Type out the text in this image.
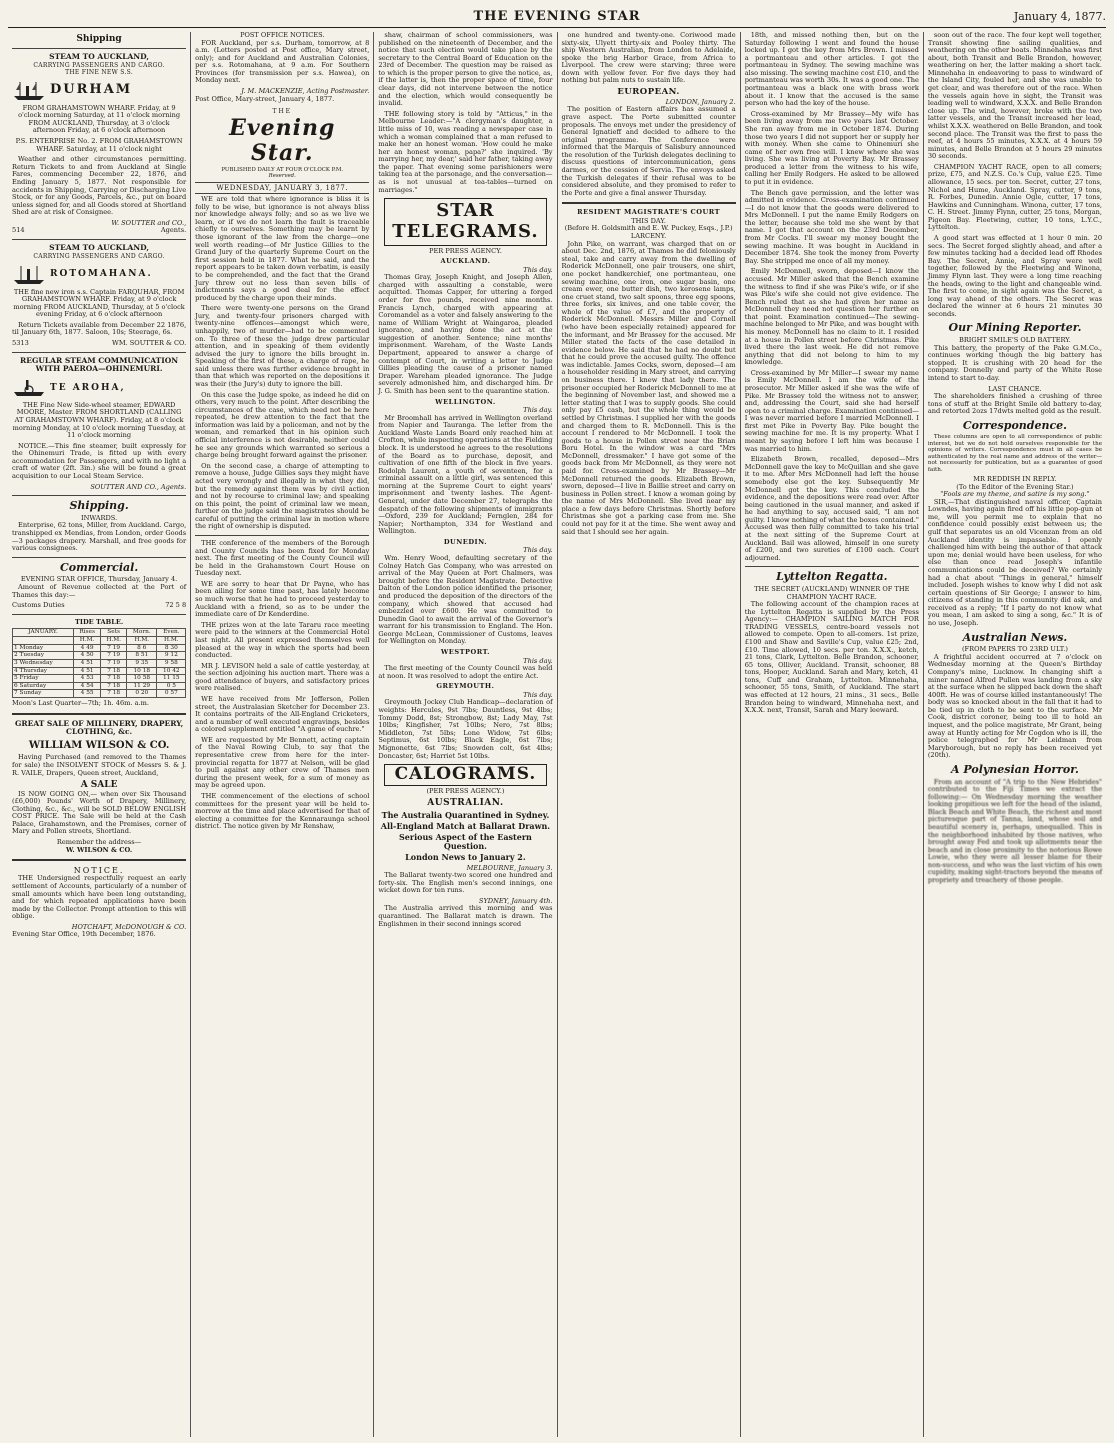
THE EVENING STAR	January 4, 1877.
Shipping
STEAM TO AUCKLAND,
CARRYING PASSENGERS AND CARGO.
THE FINE NEW S.S.
DURHAM

FROM GRAHAMSTOWN WHARF. Friday, at 9 o'clock morning Saturday, at 11 o'clock morning FROM AUCKLAND, Thursday, at 3 o'clock afternoon Friday, at 6 o'clock afternoon

P.S. ENTERPRISE No. 2. FROM GRAHAMSTOWN WHARF. Saturday, at 11 o'clock night

Weather and other circumstances permitting. Return Tickets to and from Auckland at Single Fares, commencing December 22, 1876, and Ending January 5, 1877. Not responsible for accidents in Shipping, Carrying or Discharging Live Stock, or for any Goods, Parcels, &c., put on board unless signed for, and all Goods stored at Shortland Shed are at risk of Consignee.

W. SOUTTER and CO.,
514	Agents.
STEAM TO AUCKLAND,
CARRYING PASSENGERS AND CARGO.
ROTOMAHANA.

THE fine new iron s.s. Captain FARQUHAR, FROM GRAHAMSTOWN WHARF. Friday, at 9 o'clock morning FROM AUCKLAND, Thursday, at 5 o'clock evening Friday, at 6 o'clock afternoon

Return Tickets available from December 22 1876, til January 6th, 1877. Saloon, 10s; Steerage, 6s.

5313	WM. SOUTTER & CO.
REGULAR STEAM COMMUNICATION WITH PAEROA—OHINEMURI.
TE AROHA,

THE Fine New Side-wheel steamer, EDWARD MOORE, Master. FROM SHORTLAND (CALLING AT GRAHAMSTOWN WHARF). Friday, at 8 o'clock morning Monday, at 10 o'clock morning Tuesday, at 11 o'clock morning

NOTICE.—This fine steamer, built expressly for the Ohinemuri Trade, is fitted up with every accommodation for Passengers, and with no light a craft of water (2ft. 3in.) she will be found a great acquisition to our Local Steam Service.

SOUTTER AND CO., Agents.
Shipping.
INWARDS.

Enterprise, 62 tons, Miller, from Auckland. Cargo, transhipped ex Mendias, from London, order Goods—3 packages drapery. Marshall, and free goods for various consignees.

Commercial.
EVENING STAR OFFICE, Thursday, January 4.

Amount of Revenue collected at the Port of Thames this day:—

Customs Duties	72 5 8
TIDE TABLE.
JANUARY.	Rises	Sets	Morn.	Even.
	H.M.	H.M.	H.M.	H.M.
1 Monday	4 49	7 19	8 6	8 30
2 Tuesday	4 50	7 19	8 51	9 12
3 Wednesday	4 51	7 19	9 35	9 58
4 Thursday	4 51	7 18	10 18	10 42
5 Friday	4 53	7 18	10 58	11 15
6 Saturday	4 54	7 18	11 29	0 5
7 Sunday	4 55	7 18	0 20	0 57
Moon's Last Quarter—7th; 1h. 46m. a.m.
GREAT SALE OF MILLINERY, DRAPERY, CLOTHING, &c.
WILLIAM WILSON & CO.

Having Purchased (and removed to the Thames for sale) the INSOLVENT STOCK of Messrs S. & J. R. VAILE, Drapers, Queen street, Auckland,

A SALE

IS NOW GOING ON,— when over Six Thousand (£6,000) Pounds' Worth of Drapery, Millinery, Clothing, &c., &c., will be SOLD BELOW ENGLISH COST PRICE. The Sale will be held at the Cash Palace, Grahamstown, and the Premises, corner of Mary and Pollen streets, Shortland.

Remember the address—
W. WILSON & CO.
NOTICE.

THE Undersigned respectfully request an early settlement of Accounts, particularly of a number of small amounts which have been long outstanding, and for which repeated applications have been made by the Collector. Prompt attention to this will oblige.

HOTCHAFT, McDONOUGH & CO.
Evening Star Office, 19th December, 1876.
POST OFFICE NOTICES.

FOR Auckland, per s.s. Durham, tomorrow, at 8 a.m. (Letters posted at Post office, Mary street, only); and for Auckland and Australian Colonies, per s.s. Rotomahana, at 9 a.m. For Southern Provinces (for transmission per s.s. Hawea), on Monday next.

J. M. MACKENZIE, Acting Postmaster.
Post Office, Mary-street, January 4, 1877.
THE
Evening Star.
PUBLISHED DAILY AT FOUR O'CLOCK P.M.
Reserved.
WEDNESDAY, JANUARY 3, 1877.

WE are told that where ignorance is bliss it is folly to be wise, but ignorance is not always bliss nor knowledge always folly; and so as we live we learn, or if we do not learn the fault is traceable chiefly to ourselves. Something may be learnt by those ignorant of the law from the charge—one well worth reading—of Mr Justice Gillies to the Grand Jury of the quarterly Supreme Court on the first session held in 1877. What he said, and the report appears to be taken down verbatim, is easily to be comprehended, and the fact that the Grand Jury threw out no less than seven bills of indictments says a good deal for the effect produced by the charge upon their minds.

There were twenty-one persons on the Grand Jury, and twenty-four prisoners charged with twenty-nine offences—amongst which were, unhappily, two of murder—had to be commented on. To three of these the judge drew particular attention, and in speaking of them evidently advised the jury to ignore the bills brought in. Speaking of the first of these, a charge of rape, he said unless there was further evidence brought in than that which was reported on the depositions it was their (the Jury's) duty to ignore the bill.

On this case the Judge spoke, as indeed he did on others, very much to the point. After describing the circumstances of the case, which need not be here repeated, he drew attention to the fact that the information was laid by a policeman, and not by the woman, and remarked that in his opinion such official interference is not desirable, neither could he see any grounds which warranted so serious a charge being brought forward against the prisoner.

On the second case, a charge of attempting to remove a house, Judge Gillies says they might have acted very wrongly and illegally in what they did, but the remedy against them was by civil action and not by recourse to criminal law; and speaking on this point, the point of criminal law we mean, further on the judge said the magistrates should be careful of putting the criminal law in motion where the right of ownership is disputed.

THE conference of the members of the Borough and County Councils has been fixed for Monday next. The first meeting of the County Council will be held in the Grahamstown Court House on Tuesday next.

WE are sorry to hear that Dr Payne, who has been ailing for some time past, has lately become so much worse that he had to proceed yesterday to Auckland with a friend, so as to be under the immediate care of Dr Kenderdine.

THE prizes won at the late Tararu race meeting were paid to the winners at the Commercial Hotel last night. All present expressed themselves well pleased at the way in which the sports had been conducted.

MR J. LEVISON held a sale of cattle yesterday, at the section adjoining his auction mart. There was a good attendance of buyers, and satisfactory prices were realised.

WE have received from Mr Jefferson, Pollen street, the Australasian Sketcher for December 23. It contains portraits of the All-England Cricketers, and a number of well executed engravings, besides a colored supplement entitled "A game of euchre."

WE are requested by Mr Bennett, acting captain of the Naval Rowing Club, to say that the representative crew from here for the inter-provincial regatta for 1877 at Nelson, will be glad to pull against any other crew of Thames men during the present week, for a sum of money as may be agreed upon.

THE commencement of the elections of school committees for the present year will be held to-morrow at the time and place advertised for that of electing a committee for the Kennaraunga school district. The notice given by Mr Renshaw,

shaw, chairman of school commissioners, was published on the nineteenth of December, and the notice that such election would take place by the secretary to the Central Board of Education on the 23rd of December. The question may be raised as to which is the proper person to give the notice, as, if the latter is, then the proper space of time, four clear days, did not intervene between the notice and the election, which would consequently be invalid.

THE following story is told by "Atticus," in the Melbourne Leader:—"A clergyman's daughter, a little miss of 10, was reading a newspaper case in which a woman complained that a man refused to make her an honest woman. 'How could he make her an honest woman, papa?' she inquired. 'By marrying her, my dear,' said her father, taking away the paper. That evening some parishioners were taking tea at the parsonage, and the conversation—as is not unusual at tea-tables—turned on marriages."

STAR TELEGRAMS.
PER PRESS AGENCY.
AUCKLAND.
This day.

Thomas Gray, Joseph Knight, and Joseph Allen, charged with assaulting a constable, were acquitted. Thomas Capper, for uttering a forged order for five pounds, received nine months. Francis Lynch, charged with appearing at Coromandel as a voter and falsely answering to the name of William Wright at Waingaroa, pleaded ignorance, and having done the act at the suggestion of another. Sentence; nine months' imprisonment. Wareham, of the Waste Lands Department, appeared to answer a charge of contempt of Court, in writing a letter to Judge Gillies pleading the cause of a prisoner named Draper. Wareham pleaded ignorance. The Judge severely admonished him, and discharged him. Dr J. G. Smith has been sent to the quarantine station.

WELLINGTON.
This day.

Mr Broomhall has arrived in Wellington overland from Napier and Tauranga. The letter from the Auckland Waste Lands Board only reached him at Crofton, while inspecting operations at the Fielding block. It is understood he agrees to the resolutions of the Board as to purchase, deposit, and cultivation of one fifth of the block in five years. Rodolph Laurent, a youth of seventeen, for a criminal assault on a little girl, was sentenced this morning at the Supreme Court to eight years' imprisonment and twenty lashes. The Agent-General, under date December 27, telegraphs the despatch of the following shipments of immigrants—Oxford, 239 for Auckland; Fernglen, 284 for Napier; Northampton, 334 for Westland and Wellington.

DUNEDIN.
This day.

Wm. Henry Wood, defaulting secretary of the Colney Hatch Gas Company, who was arrested on arrival of the May Queen at Port Chalmers, was brought before the Resident Magistrate. Detective Dalton of the London police identified the prisoner, and produced the deposition of the directors of the company, which showed that accused had embezzled over £600. He was committed to Dunedin Gaol to await the arrival of the Governor's warrant for his transmission to England. The Hon. George McLean, Commissioner of Customs, leaves for Wellington on Monday.

WESTPORT.
This day.

The first meeting of the County Council was held at noon. It was resolved to adopt the entire Act.

GREYMOUTH.
This day.

Greymouth Jockey Club Handicap—declaration of weights: Hercules, 9st 7lbs; Dauntless, 9st 4lbs; Tommy Dodd, 8st; Strongbow, 8st; Lady May, 7st 10lbs; Kingfisher, 7st 10lbs; Nero, 7st 8lbs; Middleton, 7st 5lbs; Lone Widow, 7st 6lbs; Septimus, 6st 10lbs; Black Eagle, 6st 7lbs; Mignonette, 6st 7lbs; Snowden colt, 6st 4lbs; Doncaster, 6st; Harriet 5st 10lbs.

CALOGRAMS.
(PER PRESS AGENCY.)
AUSTRALIAN.
The Australia Quarantined in Sydney.
All-England Match at Ballarat Drawn.
Serious Aspect of the Eastern Question.
London News to January 2.
MELBOURNE, January 3.

The Ballarat twenty-two scored one hundred and forty-six. The English men's second innings, one wicket down for ten runs.

SYDNEY, January 4th.

The Australia arrived this morning and was quarantined. The Ballarat match is drawn. The Englishmen in their second innings scored

one hundred and twenty-one. Coriwood made sixty-six, Ulyett thirty-six and Pooley thirty. The ship Western Australian, from London to Adelaide, spoke the brig Harbor Grace, from Africa to Liverpool. The crew were starving; three were down with yellow fever. For five days they had nothing but palm nuts to sustain life.

EUROPEAN.
LONDON, January 2.

The position of Eastern affairs has assumed a grave aspect. The Porte submitted counter proposals. The envoys met under the presidency of General Ignatieff and decided to adhere to the original programme. The Conference were informed that the Marquis of Salisbury announced the resolution of the Turkish delegates declining to discuss questions of intercommunication, gens darmes, or the cession of Servia. The envoys asked the Turkish delegates if their refusal was to be considered absolute, and they promised to refer to the Porte and give a final answer Thursday.

RESIDENT MAGISTRATE'S COURT
THIS DAY.
(Before H. Goldsmith and E. W. Puckey, Esqs., J.P.)
LARCENY.

John Pike, on warrant, was charged that on or about Dec. 2nd, 1876, at Thames he did feloniously steal, take and carry away from the dwelling of Roderick McDonnell, one pair trousers, one shirt, one pocket handkerchief, one portmanteau, one sewing machine, one iron, one sugar basin, one cream ewer, one butter dish, two kerosene lamps, one cruet stand, two salt spoons, three egg spoons, three forks, six knives, and one table cover, the whole of the value of £7, and the property of Roderick McDonnell. Messrs Miller and Cornell (who have been especially retained) appeared for the informant, and Mr Brassey for the accused. Mr Miller stated the facts of the case detailed in evidence below. He said that he had no doubt but that he could prove the accused guilty. The offence was indictable. James Cocks, sworn, deposed—I am a householder residing in Mary street, and carrying on business there. I knew that lady there. The prisoner occupied her Roderick McDonnell to me at the beginning of November last, and showed me a letter stating that I was to supply goods. She could only pay £5 cash, but the whole thing would be settled by Christmas. I supplied her with the goods and charged them to R. McDonnell. This is the account I rendered to Mr McDonnell. I took the goods to a house in Pollen street near the Brian Boru Hotel. In the window was a card "Mrs McDonnell, dressmaker." I have got some of the goods back from Mr McDonnell, as they were not paid for. Cross-examined by Mr Brassey—Mr McDonnell returned the goods. Elizabeth Brown, sworn, deposed—I live in Baillie street and carry on business in Pollen street. I know a woman going by the name of Mrs McDonnell. She lived near my place a few days before Christmas. Shortly before Christmas she got a parking case from me. She could not pay for it at the time. She went away and said that I should see her again.

18th, and missed nothing then, but on the Saturday following I went and found the house locked up. I got the key from Mrs Brown. I missed a portmanteau and other articles. I got the portmanteau in Sydney. The sewing machine was also missing. The sewing machine cost £10, and the portmanteau was worth 30s. It was a good one. The portmanteau was a black one with brass work about it. I know that the accused is the same person who had the key of the house.

Cross-examined by Mr Brassey—My wife has been living away from me two years last October. She ran away from me in October 1874. During those two years I did not support her or supply her with money. When she came to Ohinemuri she came of her own free will. I knew where she was living. She was living at Poverty Bay. Mr Brassey produced a letter from the witness to his wife, calling her Emily Rodgers. He asked to be allowed to put it in evidence.

The Bench gave permission, and the letter was admitted in evidence. Cross-examination continued—I do not know that the goods were delivered to Mrs McDonnell. I put the name Emily Rodgers on the letter, because she told me she went by that name. I got that account on the 23rd December, from Mr Cocks. I'll swear my money bought the sewing machine. It was bought in Auckland in December 1874. She took the money from Poverty Bay. She stripped me once of all my money.

Emily McDonnell, sworn, deposed—I know the accused. Mr Miller asked that the Bench examine the witness to find if she was Pike's wife, or if she was Pike's wife she could not give evidence. The Bench ruled that as she had given her name as McDonnell they need not question her further on that point. Examination continued—The sewing-machine belonged to Mr Pike, and was bought with his money. McDonnell has no claim to it. I resided at a house in Pollen street before Christmas. Pike lived there the last week. He did not remove anything that did not belong to him to my knowledge.

Cross-examined by Mr Miller—I swear my name is Emily McDonnell. I am the wife of the prosecutor. Mr Miller asked if she was the wife of Pike. Mr Brassey told the witness not to answer, and, addressing the Court, said she had herself open to a criminal charge. Examination continued—I was never married before I married McDonnell. I first met Pike in Poverty Bay. Pike bought the sewing machine for me. It is my property. What I meant by saying before I left him was because I was married to him.

Elizabeth Brown, recalled, deposed—Mrs McDonnell gave the key to McQuillan and she gave it to me. After Mrs McDonnell had left the house somebody else got the key. Subsequently Mr McDonnell got the key. This concluded the evidence, and the depositions were read over. After being cautioned in the usual manner, and asked if he had anything to say, accused said, "I am not guilty. I know nothing of what the boxes contained." Accused was then fully committed to take his trial at the next sitting of the Supreme Court at Auckland. Bail was allowed, himself in one surety of £200, and two sureties of £100 each. Court adjourned.

Lyttelton Regatta.
THE SECRET (AUCKLAND) WINNER OF THE CHAMPION YACHT RACE.

The following account of the champion races at the Lyttelton Regatta is supplied by the Press Agency:— CHAMPION SAILING MATCH FOR TRADING VESSELS, centre-board vessels not allowed to compete. Open to all-comers. 1st prize, £100 and Shaw and Saville's Cup, value £25; 2nd, £10. Time allowed, 10 secs. per ton. X.X.X., ketch, 21 tons, Clark, Lyttelton. Belle Brandon, schooner, 65 tons, Olliver, Auckland. Transit, schooner, 88 tons, Hooper, Auckland. Sarah and Mary, ketch, 41 tons, Cuff and Graham, Lyttelton. Minnehaha, schooner, 55 tons, Smith, of Auckland. The start was effected at 12 hours, 21 mins., 31 secs., Belle Brandon being to windward, Minnehaha next, and X.X.X. next, Transit, Sarah and Mary leeward.

soon out of the race. The four kept well together, Transit showing fine sailing qualities, and weathering on the other boats. Minnehaha was first about, both Transit and Belle Brandon, however, weathering on her, the latter making a short tack. Minnehaha in endeavoring to pass to windward of the Island City, fouled her, and she was unable to get clear, and was therefore out of the race. When the vessels again hove in sight, the Transit was leading well to windward, X.X.X. and Belle Brandon close up. The wind, however, broke with the two latter vessels, and the Transit increased her lead, whilst X.X.X. weathered on Belle Brandon, and took second place. The Transit was the first to pass the reef, at 4 hours 55 minutes, X.X.X. at 4 hours 59 minutes, and Belle Brandon at 5 hours 29 minutes 30 seconds.

CHAMPION YACHT RACE, open to all comers; prize, £75, and N.Z.S. Co.'s Cup, value £25. Time allowance, 15 secs. per ton. Secret, cutter, 27 tons, Nichol and Hume, Auckland. Spray, cutter, 9 tons, R. Forbes, Dunedin. Annie Ogle, cutter, 17 tons, Hawkins and Cunningham. Winona, cutter, 17 tons, C. H. Street. Jimmy Flynn, cutter, 25 tons, Morgan, Pigeon Bay. Fleetwing, cutter, 10 tons, L.Y.C., Lyttelton.

A good start was effected at 1 hour 0 min. 20 secs. The Secret forged slightly ahead, and after a few minutes tacking had a decided lead off Rhodes Bay. The Secret, Annie, and Spray were well together, followed by the Fleetwing and Winona, Jimmy Flynn last. They were a long time reaching the heads, owing to the light and changeable wind. The first to come, in sight again was the Secret, a long way ahead of the others. The Secret was declared the winner at 6 hours 21 minutes 30 seconds.

Our Mining Reporter.
BRIGHT SMILE'S OLD BATTERY.

This battery, the property of the Pake G.M.Co., continues working though the big battery has stopped. It is crushing with 20 head for the company. Donnelly and party of the White Rose intend to start to-day.

LAST CHANCE.

The shareholders finished a crushing of three tons of stuff at the Bright Smile old battery to-day, and retorted 2ozs 17dwts melted gold as the result.

Correspondence.

These columns are open to all correspondence of public interest, but we do not hold ourselves responsible for the opinions of writers. Correspondence must in all cases be authenticated by the real name and address of the writer—not necessarily for publication, but as a guarantee of good faith.

MR REDDISH IN REPLY.
(To the Editor of the Evening Star.)
"Fools are my theme, and satire is my song."

SIR,—That distinguished naval officer, Captain Lowndes, having again fired off his little pop-gun at me, will you permit me to explain that no confidence could possibly exist between us; the gulf that separates us an old Vicenzan from an old Auckland identity is impassable. I openly challenged him with being the author of that attack upon me; denial would have been useless, for who else than once read Joseph's infantile communications could be deceived? We certainly had a chat about "Things in general," himself included. Joseph wishes to know why I did not ask certain questions of Sir George; I answer to him, citizens of standing in this community did ask, and received as a reply; "If I party do not know what you mean, I am asked to sing a song, &c." It is of no use, Joseph.

Australian News.
(FROM PAPERS TO 23RD ULT.)

A frightful accident occurred at 7 o'clock on Wednesday morning at the Queen's Birthday Company's mine, Lucknow. In changing shift a miner named Alfred Pullen was landing from a sky at the surface when he slipped back down the shaft 400ft. He was of course killed instantaneously! The body was so knocked about in the fall that it had to be tied up in cloth to be sent to the surface. Mr Cook, district coroner, being too ill to hold an inquest, and the police magistrate, Mr Grant, being away at Huntly acting for Mr Cogdon who is ill, the police telegraphed for Mr Leidman from Maryborough, but no reply has been received yet (20th).

A Polynesian Horror.

From an account of "A trip to the New Hebrides" contributed to the Fiji Times we extract the following:— On Wednesday morning the weather looking propitious we left for the head of the island, Black Beach and White Beach, the richest and most picturesque part of Tanna, land, whose soil and beautiful scenery is, perhaps, unequalled. This is the neighborhood inhabited by those natives, who brought away Fed and took up allotments near the beach and in close proximity to the notorious Rowe Lowie, who they were all lesser blame for their non-success, and who was the last victim of his own cupidity, making sight-tractors beyond the means of propriety and treachery of those people.
